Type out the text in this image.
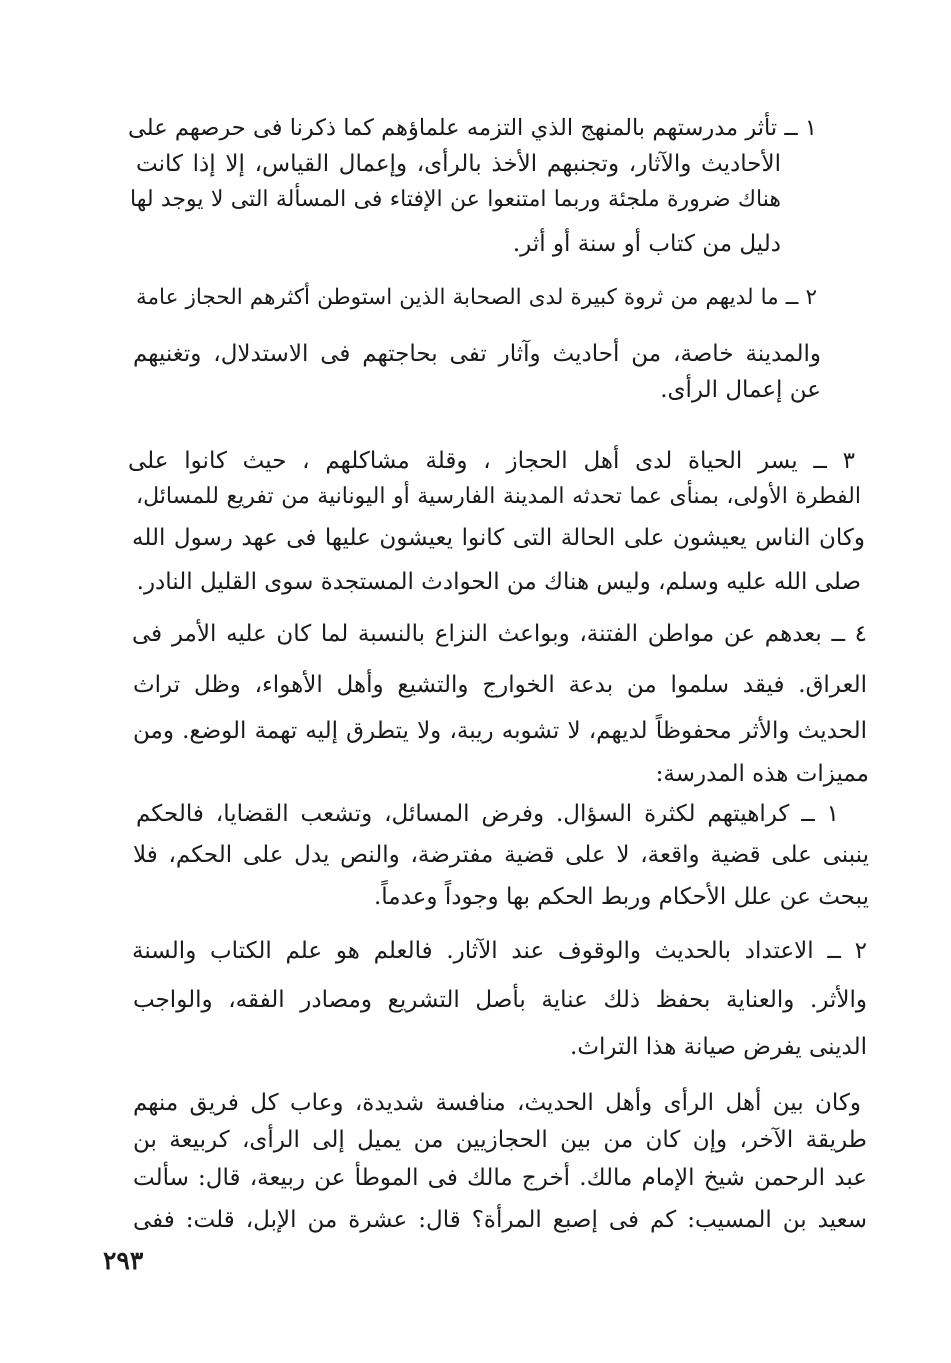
١ ــ تأثر مدرستهم بالمنهج الذي التزمه علماؤهم كما ذكرنا فى حرصهم على

الأحاديث والآثار، وتجنبهم الأخذ بالرأى، وإعمال القياس، إلا إذا كانت

هناك ضرورة ملجئة وربما امتنعوا عن الإفتاء فى المسألة التى لا يوجد لها

دليل من كتاب أو سنة أو أثر.

٢ ــ ما لديهم من ثروة كبيرة لدى الصحابة الذين استوطن أكثرهم الحجاز عامة

والمدينة خاصة، من أحاديث وآثار تفى بحاجتهم فى الاستدلال، وتغنيهم

عن إعمال الرأى.

٣ ــ يسر الحياة لدى أهل الحجاز ، وقلة مشاكلهم ، حيث كانوا على

الفطرة الأولى، بمنأى عما تحدثه المدينة الفارسية أو اليونانية من تفريع للمسائل،

وكان الناس يعيشون على الحالة التى كانوا يعيشون عليها فى عهد رسول الله

صلى الله عليه وسلم، وليس هناك من الحوادث المستجدة سوى القليل النادر.

٤ ــ بعدهم عن مواطن الفتنة، وبواعث النزاع بالنسبة لما كان عليه الأمر فى

العراق. فيقد سلموا من بدعة الخوارج والتشيع وأهل الأهواء، وظل تراث

الحديث والأثر محفوظاً لديهم، لا تشوبه ريبة، ولا يتطرق إليه تهمة الوضع. ومن

مميزات هذه المدرسة:

١ ــ كراهيتهم لكثرة السؤال. وفرض المسائل، وتشعب القضايا، فالحكم

ينبنى على قضية واقعة، لا على قضية مفترضة، والنص يدل على الحكم، فلا

يبحث عن علل الأحكام وربط الحكم بها وجوداً وعدماً.

٢ ــ الاعتداد بالحديث والوقوف عند الآثار. فالعلم هو علم الكتاب والسنة

والأثر. والعناية بحفظ ذلك عناية بأصل التشريع ومصادر الفقه، والواجب

الدينى يفرض صيانة هذا التراث.

وكان بين أهل الرأى وأهل الحديث، منافسة شديدة، وعاب كل فريق منهم

طريقة الآخر، وإن كان من بين الحجازيين من يميل إلى الرأى، كربيعة بن

عبد الرحمن شيخ الإمام مالك. أخرج مالك فى الموطأ عن ربيعة، قال: سألت

سعيد بن المسيب: كم فى إصبع المرأة؟ قال: عشرة من الإبل، قلت: ففى

٢٩٣
